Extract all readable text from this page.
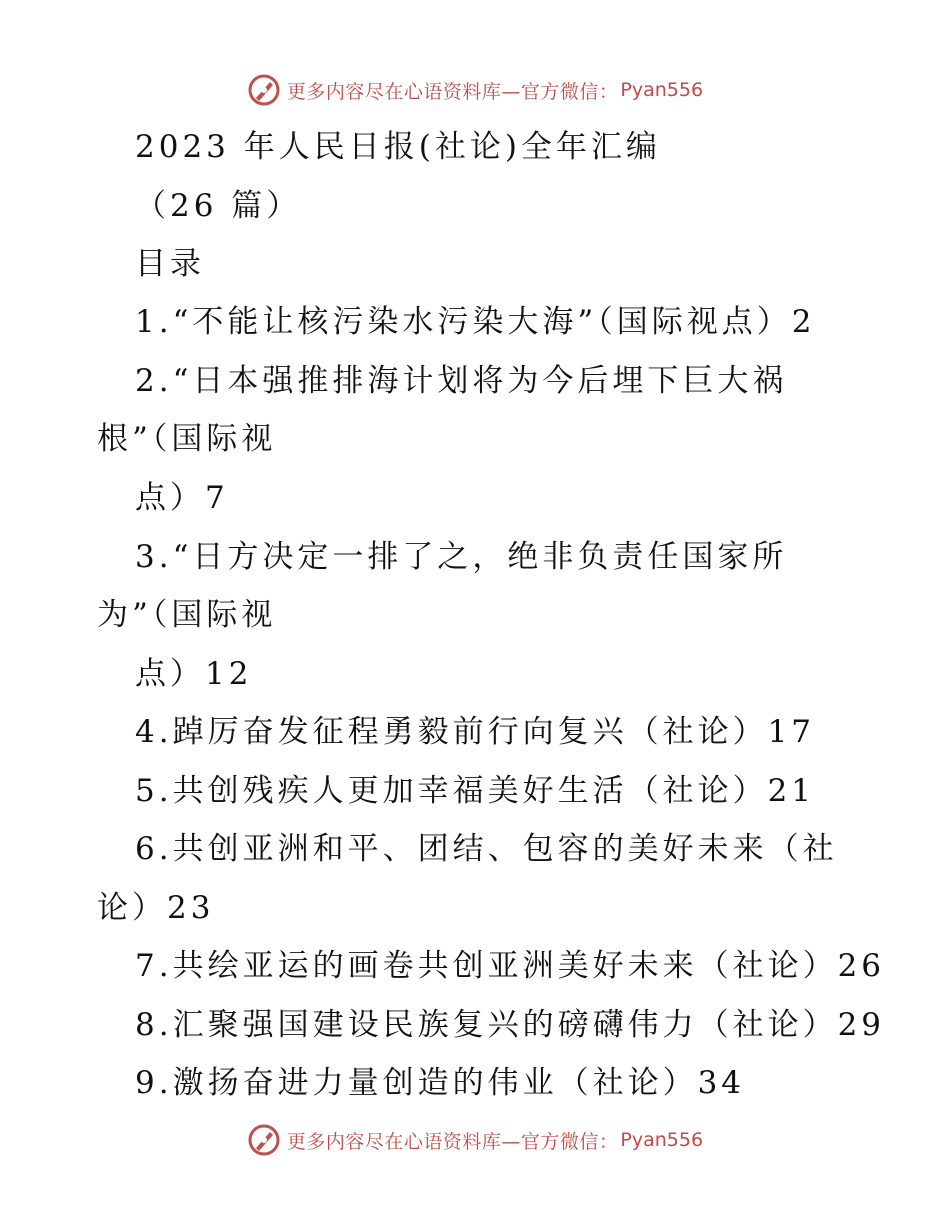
更多内容尽在心语资料库—官方微信： Pyan556
2023 年人民日报(社论)全年汇编
（26 篇）
目录
1.“不能让核污染水污染大海”（国际视点）2
2.“日本强推排海计划将为今后埋下巨大祸
根”（国际视
点）7
3.“日方决定一排了之，绝非负责任国家所
为”（国际视
点）12
4.踔厉奋发征程勇毅前行向复兴（社论）17
5.共创残疾人更加幸福美好生活（社论）21
6.共创亚洲和平、团结、包容的美好未来（社
论）23
7.共绘亚运的画卷共创亚洲美好未来（社论）26
8.汇聚强国建设民族复兴的磅礴伟力（社论）29
9.激扬奋进力量创造的伟业（社论）34
更多内容尽在心语资料库—官方微信： Pyan556
